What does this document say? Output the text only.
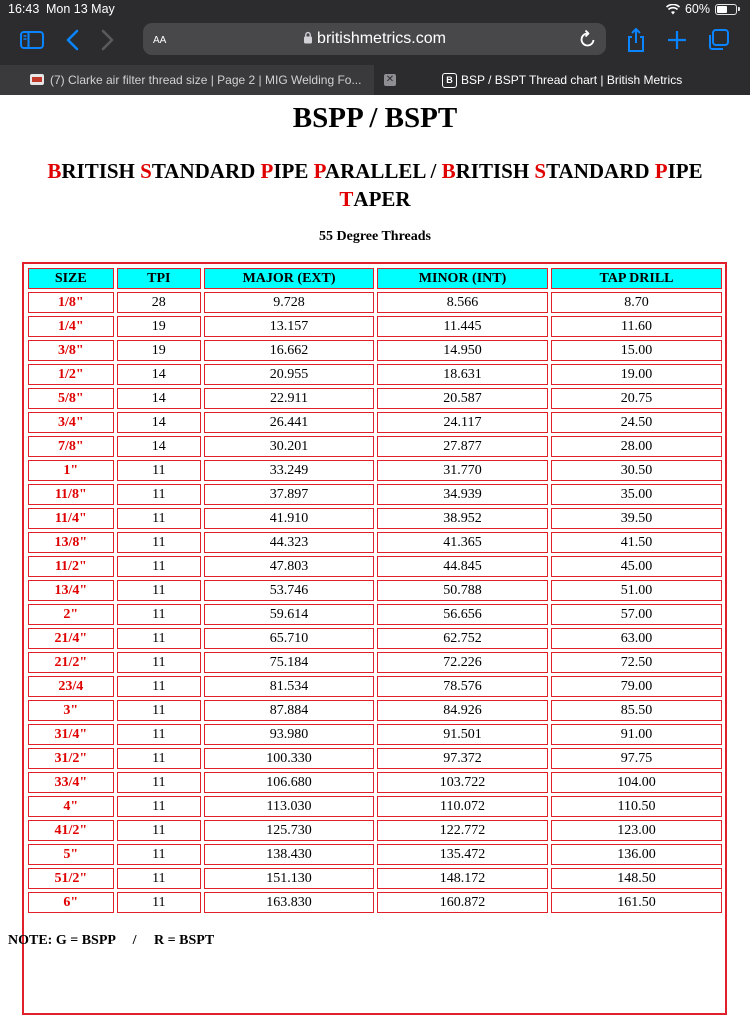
16:43 Mon 13 May	60%
AA	britishmetrics.com
(7) Clarke air filter thread size | Page 2 | MIG Welding Fo...	B BSP / BSPT Thread chart | British Metrics
✕
BSPP / BSPT
BRITISH STANDARD PIPE PARALLEL / BRITISH STANDARD PIPE TAPER
55 Degree Threads
SIZE	TPI	MAJOR (EXT)	MINOR (INT)	TAP DRILL
1/8"	28	9.728	8.566	8.70
1/4"	19	13.157	11.445	11.60
3/8"	19	16.662	14.950	15.00
1/2"	14	20.955	18.631	19.00
5/8"	14	22.911	20.587	20.75
3/4"	14	26.441	24.117	24.50
7/8"	14	30.201	27.877	28.00
1"	11	33.249	31.770	30.50
11/8"	11	37.897	34.939	35.00
11/4"	11	41.910	38.952	39.50
13/8"	11	44.323	41.365	41.50
11/2"	11	47.803	44.845	45.00
13/4"	11	53.746	50.788	51.00
2"	11	59.614	56.656	57.00
21/4"	11	65.710	62.752	63.00
21/2"	11	75.184	72.226	72.50
23/4	11	81.534	78.576	79.00
3"	11	87.884	84.926	85.50
31/4"	11	93.980	91.501	91.00
31/2"	11	100.330	97.372	97.75
33/4"	11	106.680	103.722	104.00
4"	11	113.030	110.072	110.50
41/2"	11	125.730	122.772	123.00
5"	11	138.430	135.472	136.00
51/2"	11	151.130	148.172	148.50
6"	11	163.830	160.872	161.50
NOTE: G = BSPP     /     R = BSPT
